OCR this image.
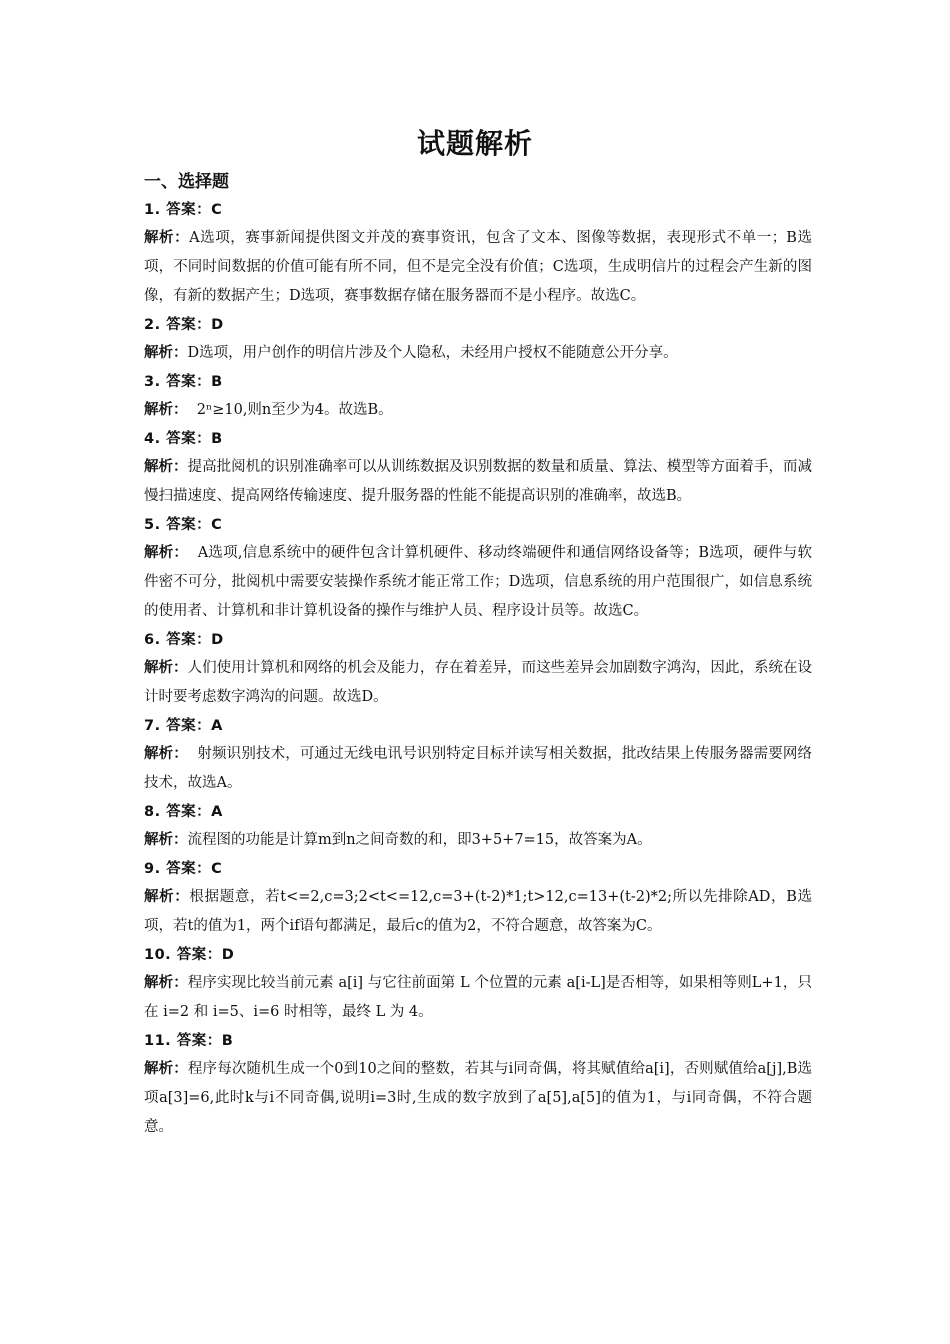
试题解析
一、选择题
1. 答案：C
解析：A选项，赛事新闻提供图文并茂的赛事资讯，包含了文本、图像等数据，表现形式不单一；B选项，不同时间数据的价值可能有所不同，但不是完全没有价值；C选项，生成明信片的过程会产生新的图像，有新的数据产生；D选项，赛事数据存储在服务器而不是小程序。故选C。
2. 答案：D
解析：D选项，用户创作的明信片涉及个人隐私，未经用户授权不能随意公开分享。
3. 答案：B
解析：  2ⁿ≥10,则n至少为4。故选B。
4. 答案：B
解析：提高批阅机的识别准确率可以从训练数据及识别数据的数量和质量、算法、模型等方面着手，而减慢扫描速度、提高网络传输速度、提升服务器的性能不能提高识别的准确率，故选B。
5. 答案：C
解析：  A选项,信息系统中的硬件包含计算机硬件、移动终端硬件和通信网络设备等；B选项，硬件与软件密不可分，批阅机中需要安装操作系统才能正常工作；D选项，信息系统的用户范围很广，如信息系统的使用者、计算机和非计算机设备的操作与维护人员、程序设计员等。故选C。
6. 答案：D
解析：人们使用计算机和网络的机会及能力，存在着差异，而这些差异会加剧数字鸿沟，因此，系统在设计时要考虑数字鸿沟的问题。故选D。
7. 答案：A
解析：  射频识别技术，可通过无线电讯号识别特定目标并读写相关数据，批改结果上传服务器需要网络技术，故选A。
8. 答案：A
解析：流程图的功能是计算m到n之间奇数的和，即3+5+7=15，故答案为A。
9. 答案：C
解析：根据题意，若t<=2,c=3;2<t<=12,c=3+(t-2)*1;t>12,c=13+(t-2)*2;所以先排除AD，B选项，若t的值为1，两个if语句都满足，最后c的值为2，不符合题意，故答案为C。
10. 答案：D
解析：程序实现比较当前元素 a[i] 与它往前面第 L 个位置的元素 a[i-L]是否相等，如果相等则L+1，只在 i=2 和 i=5、i=6 时相等，最终 L 为 4。
11. 答案：B
解析：程序每次随机生成一个0到10之间的整数，若其与i同奇偶，将其赋值给a[i]，否则赋值给a[j],B选项a[3]=6,此时k与i不同奇偶,说明i=3时,生成的数字放到了a[5],a[5]的值为1，与i同奇偶，不符合题意。
